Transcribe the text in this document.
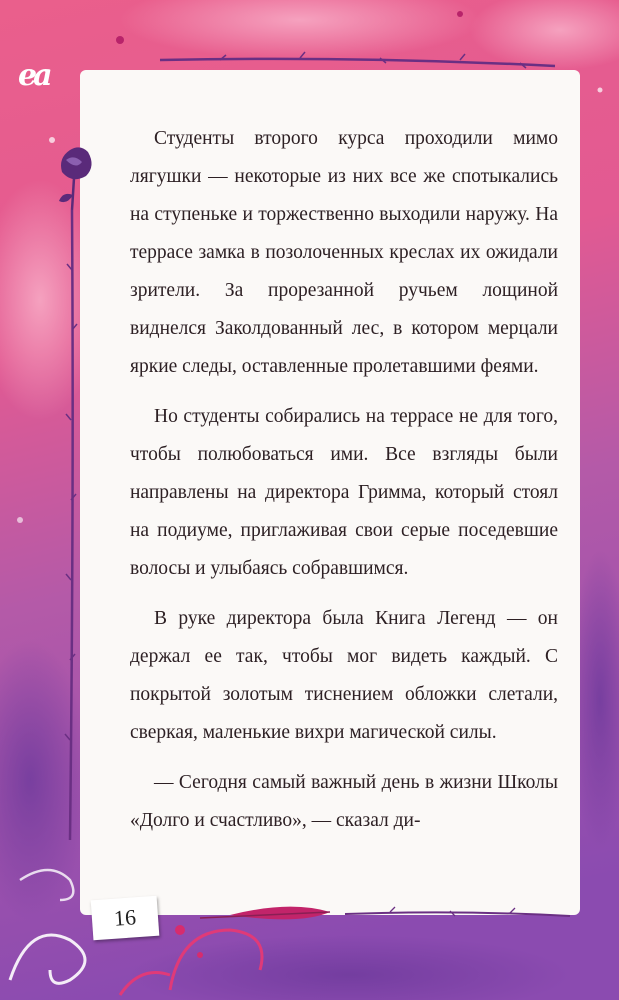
ea

Студенты второго курса проходили мимо лягушки — некоторые из них все же спотыкались на ступеньке и торжественно выходили наружу. На террасе замка в позолоченных креслах их ожидали зрители. За прорезанной ручьем лощиной виднелся Заколдованный лес, в котором мерцали яркие следы, оставленные пролетавшими феями.

Но студенты собирались на террасе не для того, чтобы полюбоваться ими. Все взгляды были направлены на директора Гримма, который стоял на подиуме, приглаживая свои серые поседевшие волосы и улыбаясь собравшимся.

В руке директора была Книга Легенд — он держал ее так, чтобы мог видеть каждый. С покрытой золотым тиснением обложки слетали, сверкая, маленькие вихри магической силы.

— Сегодня самый важный день в жизни Школы «Долго и счастливо», — сказал ди-

16
